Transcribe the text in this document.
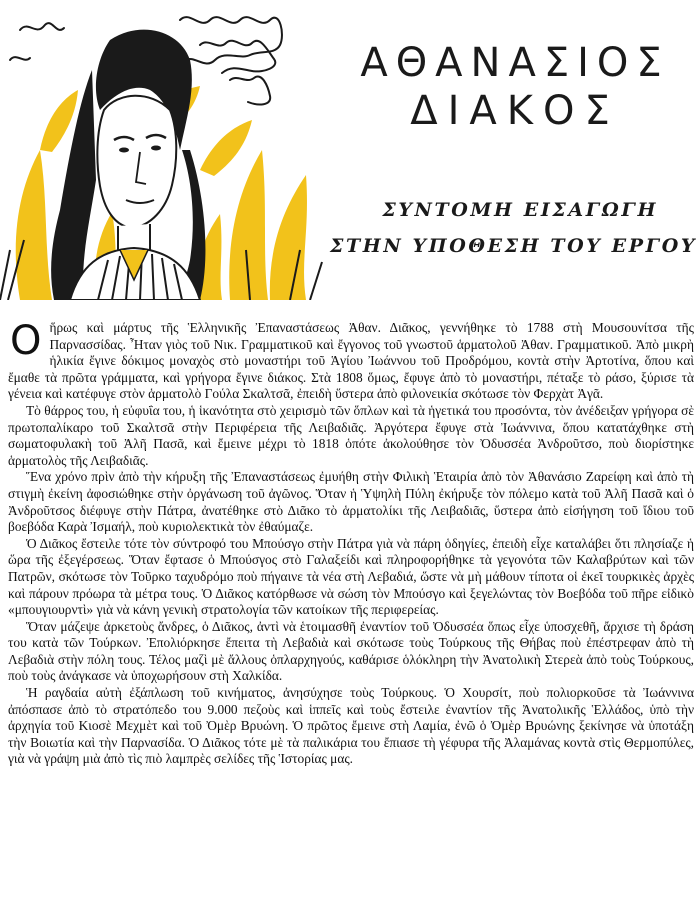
ΑΘΑΝΑΣΙΟΣ
ΔΙΑΚΟΣ
ΣΥΝΤΟΜΗ ΕΙΣΑΓΩΓΗ
ΣΤΗΝ ΥΠΟΘΕΣΗ ΤΟΥ ΕΡΓΟΥ

Οἥρως καὶ μάρτυς τῆς Ἑλληνικῆς Ἐπαναστάσεως Ἀθαν. Διᾶκος, γεννήθηκε τὸ 1788 στὴ Μουσουνίτσα τῆς Παρνασσίδας. Ἦταν γιὸς τοῦ Νικ. Γραμματικοῦ καὶ ἔγγονος τοῦ γνωστοῦ ἁρματολοῦ Ἀθαν. Γραμματικοῦ. Ἀπὸ μικρὴ ἡλικία ἔγινε δόκιμος μοναχὸς στὸ μοναστήρι τοῦ Ἁγίου Ἰωάννου τοῦ Προδρόμου, κοντὰ στὴν Ἀρτοτίνα, ὅπου καὶ ἔμαθε τὰ πρῶτα γράμματα, καὶ γρήγορα ἔγινε διάκος. Στὰ 1808 ὅμως, ἔφυγε ἀπὸ τὸ μοναστήρι, πέταξε τὸ ράσο, ξύρισε τὰ γένεια καὶ κατέφυγε στὸν ἁρματολὸ Γούλα Σκαλτσᾶ, ἐπειδὴ ὕστερα ἀπὸ φιλονεικία σκότωσε τὸν Φερχὰτ Ἀγᾶ.

Τὸ θάρρος του, ἡ εὐφυΐα του, ἡ ἱκανότητα στὸ χειρισμὸ τῶν ὅπλων καὶ τὰ ἡγετικά του προσόντα, τὸν ἀνέδειξαν γρήγορα σὲ πρωτοπαλίκαρο τοῦ Σκαλτσᾶ στὴν Περιφέρεια τῆς Λειβαδιᾶς. Ἀργότερα ἔφυγε στὰ Ἰωάννινα, ὅπου κατατάχθηκε στὴ σωματοφυλακὴ τοῦ Ἀλῆ Πασᾶ, καὶ ἔμεινε μέχρι τὸ 1818 ὁπότε ἀκολούθησε τὸν Ὀδυσσέα Ἀνδροῦτσο, ποὺ διορίστηκε ἁρματολὸς τῆς Λειβαδιᾶς.

Ἕνα χρόνο πρὶν ἀπὸ τὴν κήρυξη τῆς Ἐπαναστάσεως ἐμυήθη στὴν Φιλικὴ Ἑταιρία ἀπὸ τὸν Ἀθανάσιο Ζαρείφη καὶ ἀπὸ τὴ στιγμὴ ἐκείνη ἀφοσιώθηκε στὴν ὀργάνωση τοῦ ἀγῶνος. Ὅταν ἡ Ὑψηλὴ Πύλη ἐκήρυξε τὸν πόλεμο κατὰ τοῦ Ἀλῆ Πασᾶ καὶ ὁ Ἀνδροῦτσος διέφυγε στὴν Πάτρα, ἀνατέθηκε στὸ Διᾶκο τὸ ἁρματολίκι τῆς Λειβαδιᾶς, ὕστερα ἀπὸ εἰσήγηση τοῦ ἴδιου τοῦ βοεβόδα Καρὰ Ἰσμαήλ, ποὺ κυριολεκτικὰ τὸν ἐθαύμαζε.

Ὁ Διᾶκος ἔστειλε τότε τὸν σύντροφό του Μπούσγο στὴν Πάτρα γιὰ νὰ πάρη ὁδηγίες, ἐπειδὴ εἶχε καταλάβει ὅτι πλησίαζε ἡ ὥρα τῆς ἐξεγέρσεως. Ὅταν ἔφτασε ὁ Μπούσγος στὸ Γαλαξείδι καὶ πληροφορήθηκε τὰ γεγονότα τῶν Καλαβρύτων καὶ τῶν Πατρῶν, σκότωσε τὸν Τοῦρκο ταχυδρόμο ποὺ πήγαινε τὰ νέα στὴ Λεβαδιά, ὥστε νὰ μὴ μάθουν τίποτα οἱ ἐκεῖ τουρκικὲς ἀρχὲς καὶ πάρουν πρόωρα τὰ μέτρα τους. Ὁ Διᾶκος κατόρθωσε νὰ σώση τὸν Μπούσγο καὶ ξεγελώντας τὸν Βοεβόδα τοῦ πῆρε εἰδικὸ «μπουγιουρντὶ» γιὰ νὰ κάνη γενικὴ στρατολογία τῶν κατοίκων τῆς περιφερείας.

Ὅταν μάζεψε ἀρκετοὺς ἄνδρες, ὁ Διᾶκος, ἀντὶ νὰ ἑτοιμασθῆ ἐναντίον τοῦ Ὀδυσσέα ὅπως εἶχε ὑποσχεθῆ, ἄρχισε τὴ δράση του κατὰ τῶν Τούρκων. Ἐπολιόρκησε ἔπειτα τὴ Λεβαδιὰ καὶ σκότωσε τοὺς Τούρκους τῆς Θήβας ποὺ ἐπέστρεφαν ἀπὸ τὴ Λεβαδιὰ στὴν πόλη τους. Τέλος μαζὶ μὲ ἄλλους ὁπλαρχηγούς, καθάρισε ὁλόκληρη τὴν Ἀνατολικὴ Στερεὰ ἀπὸ τοὺς Τούρκους, ποὺ τοὺς ἀνάγκασε νὰ ὑποχωρήσουν στὴ Χαλκίδα.

Ἡ ραγδαία αὐτὴ ἐξάπλωση τοῦ κινήματος, ἀνησύχησε τοὺς Τούρκους. Ὁ Χουρσίτ, ποὺ πολιορκοῦσε τὰ Ἰωάννινα ἀπόσπασε ἀπὸ τὸ στρατόπεδο του 9.000 πεζοὺς καὶ ἱππεῖς καὶ τοὺς ἔστειλε ἐναντίον τῆς Ἀνατολικῆς Ἑλλάδος, ὑπὸ τὴν ἀρχηγία τοῦ Κιοσὲ Μεχμὲτ καὶ τοῦ Ὀμὲρ Βρυώνη. Ὁ πρῶτος ἔμεινε στὴ Λαμία, ἐνῶ ὁ Ὀμὲρ Βρυώνης ξεκίνησε νὰ ὑποτάξη τὴν Βοιωτία καὶ τὴν Παρνασίδα. Ὁ Διᾶκος τότε μὲ τὰ παλικάρια του ἔπιασε τὴ γέφυρα τῆς Ἀλαμάνας κοντὰ στὶς Θερμοπύλες, γιὰ νὰ γράψη μιὰ ἀπὸ τὶς πιὸ λαμπρὲς σελίδες τῆς Ἱστορίας μας.
